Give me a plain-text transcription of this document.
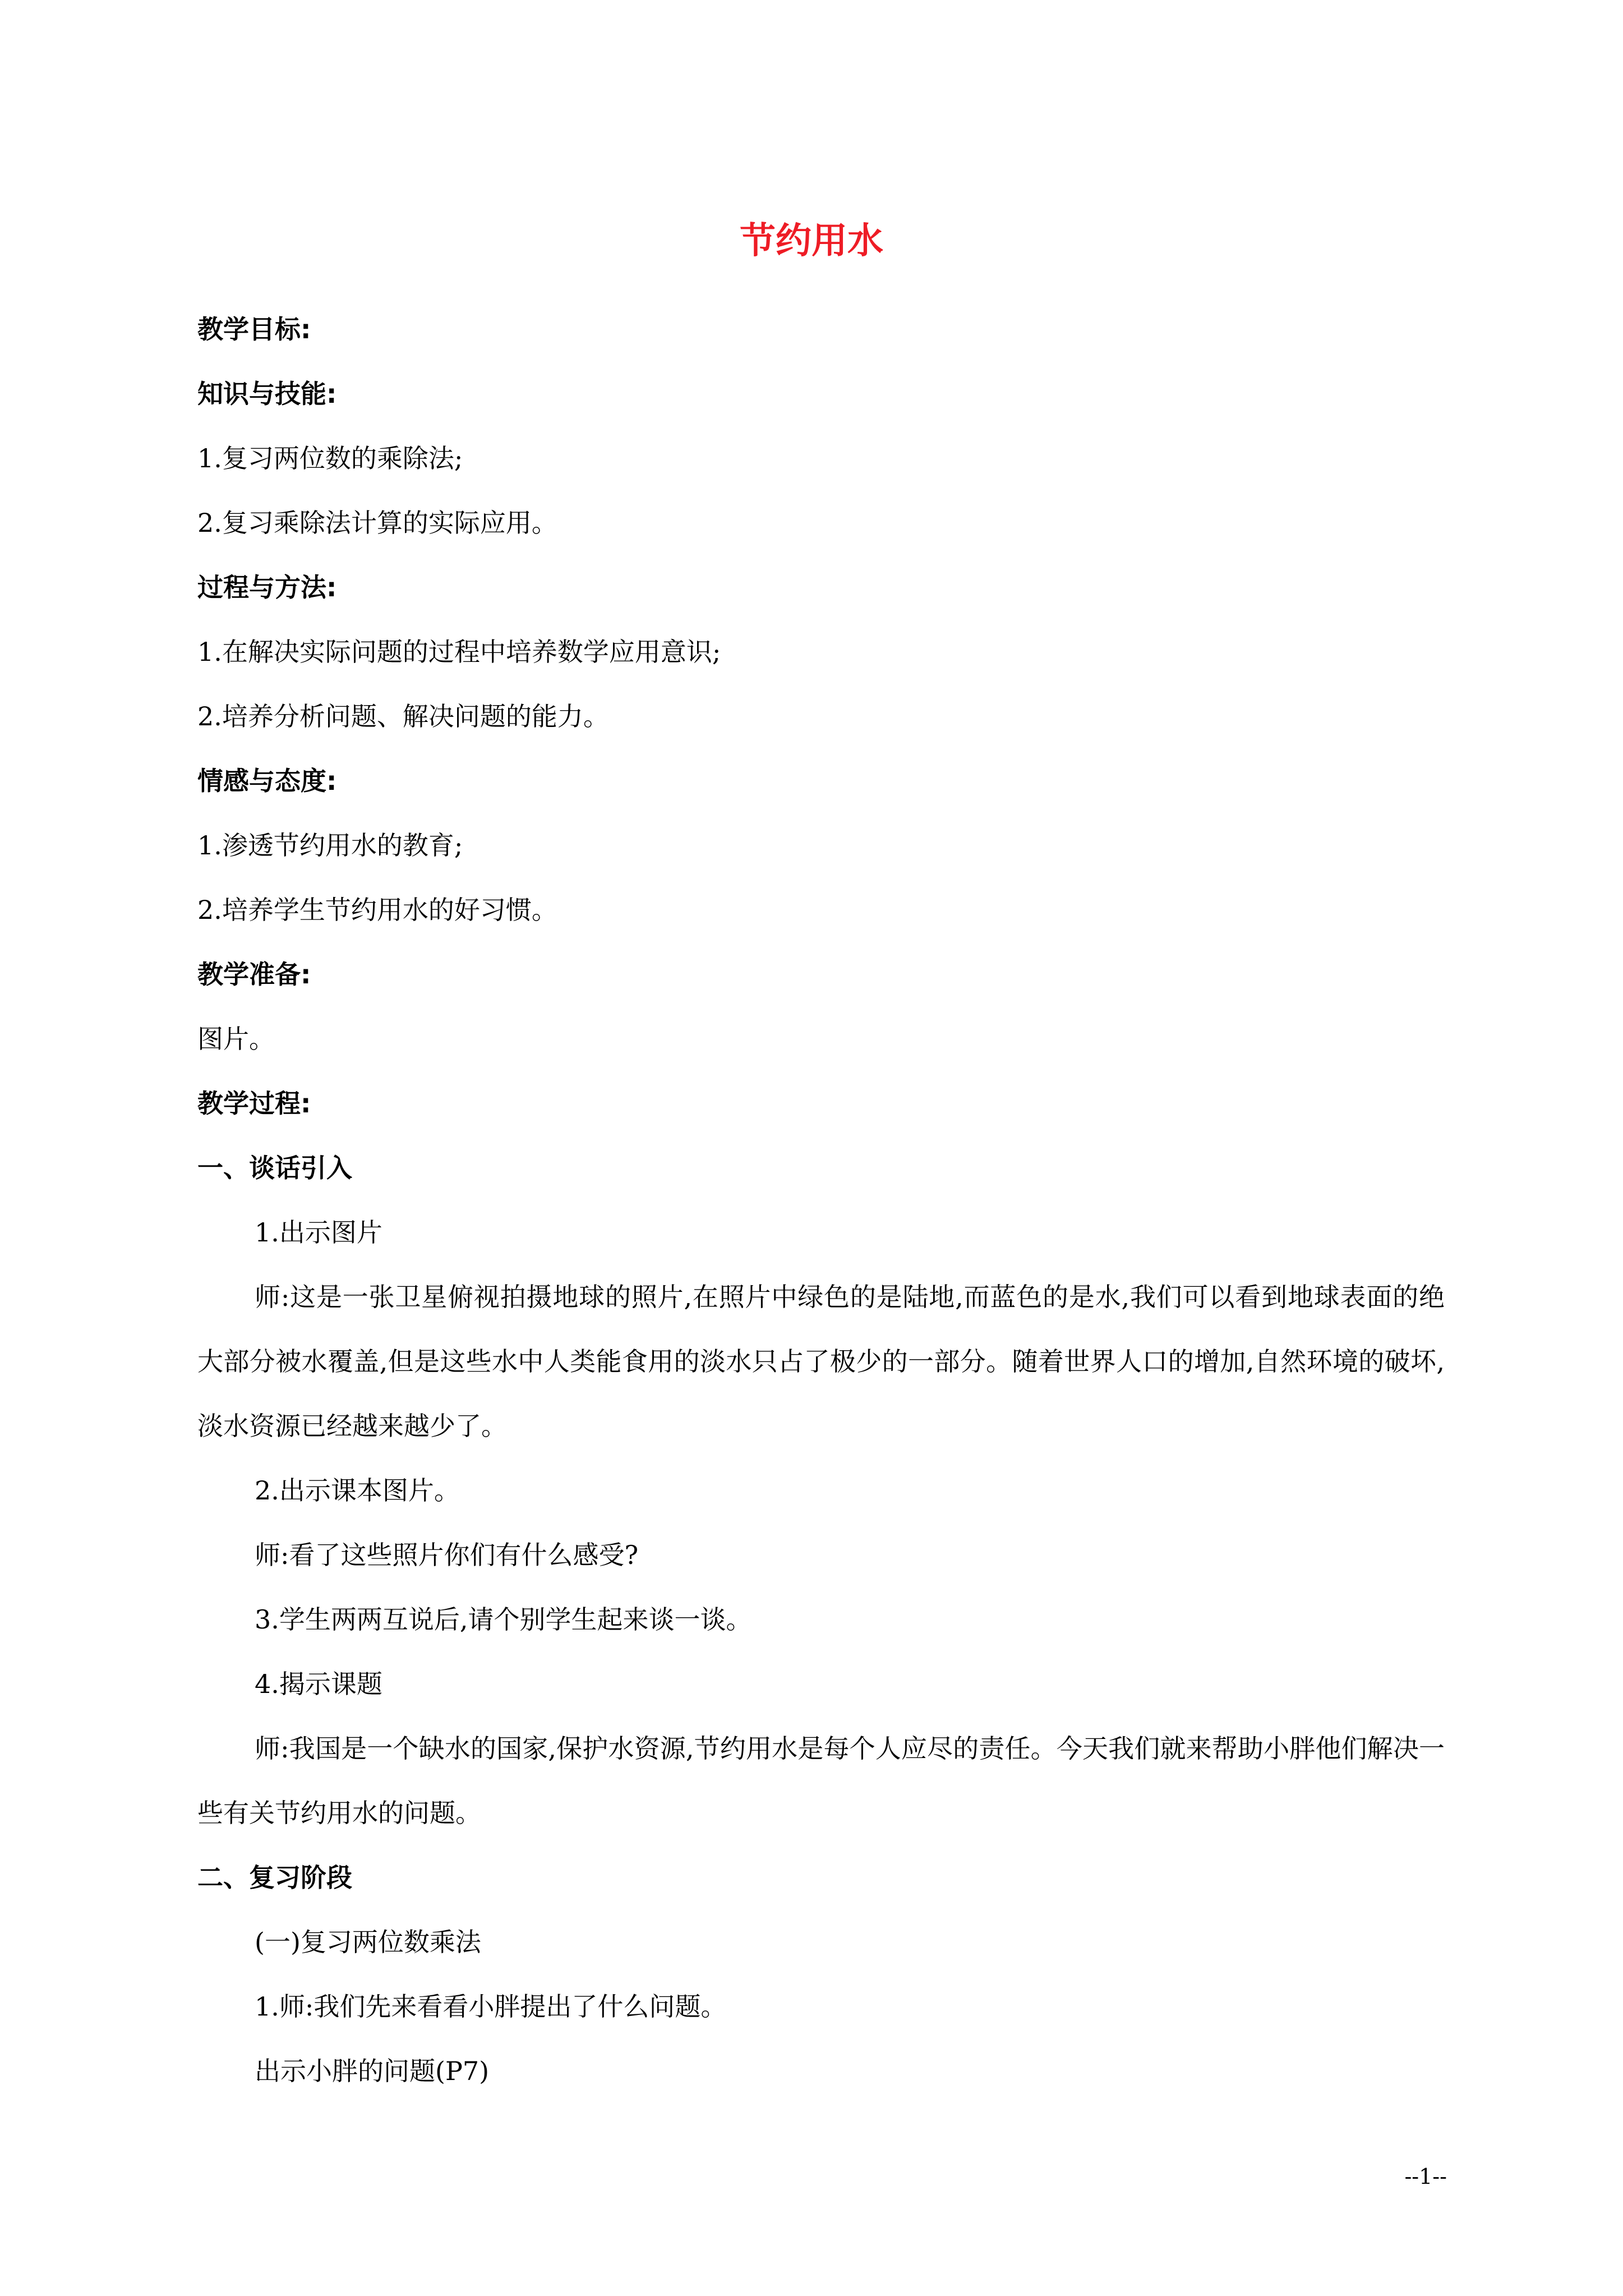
节约用水
教学目标:
知识与技能:
1.复习两位数的乘除法;
2.复习乘除法计算的实际应用。
过程与方法:
1.在解决实际问题的过程中培养数学应用意识;
2.培养分析问题、解决问题的能力。
情感与态度:
1.渗透节约用水的教育;
2.培养学生节约用水的好习惯。
教学准备:
图片。
教学过程:
一、谈话引入
1.出示图片
师:这是一张卫星俯视拍摄地球的照片,在照片中绿色的是陆地,而蓝色的是水,我们可以看到地球表面的绝大部分被水覆盖,但是这些水中人类能食用的淡水只占了极少的一部分。随着世界人口的增加,自然环境的破坏,淡水资源已经越来越少了。
2.出示课本图片。
师:看了这些照片你们有什么感受?
3.学生两两互说后,请个别学生起来谈一谈。
4.揭示课题
师:我国是一个缺水的国家,保护水资源,节约用水是每个人应尽的责任。今天我们就来帮助小胖他们解决一些有关节约用水的问题。
二、复习阶段
(一)复习两位数乘法
1.师:我们先来看看小胖提出了什么问题。
出示小胖的问题(P7)
--1--
